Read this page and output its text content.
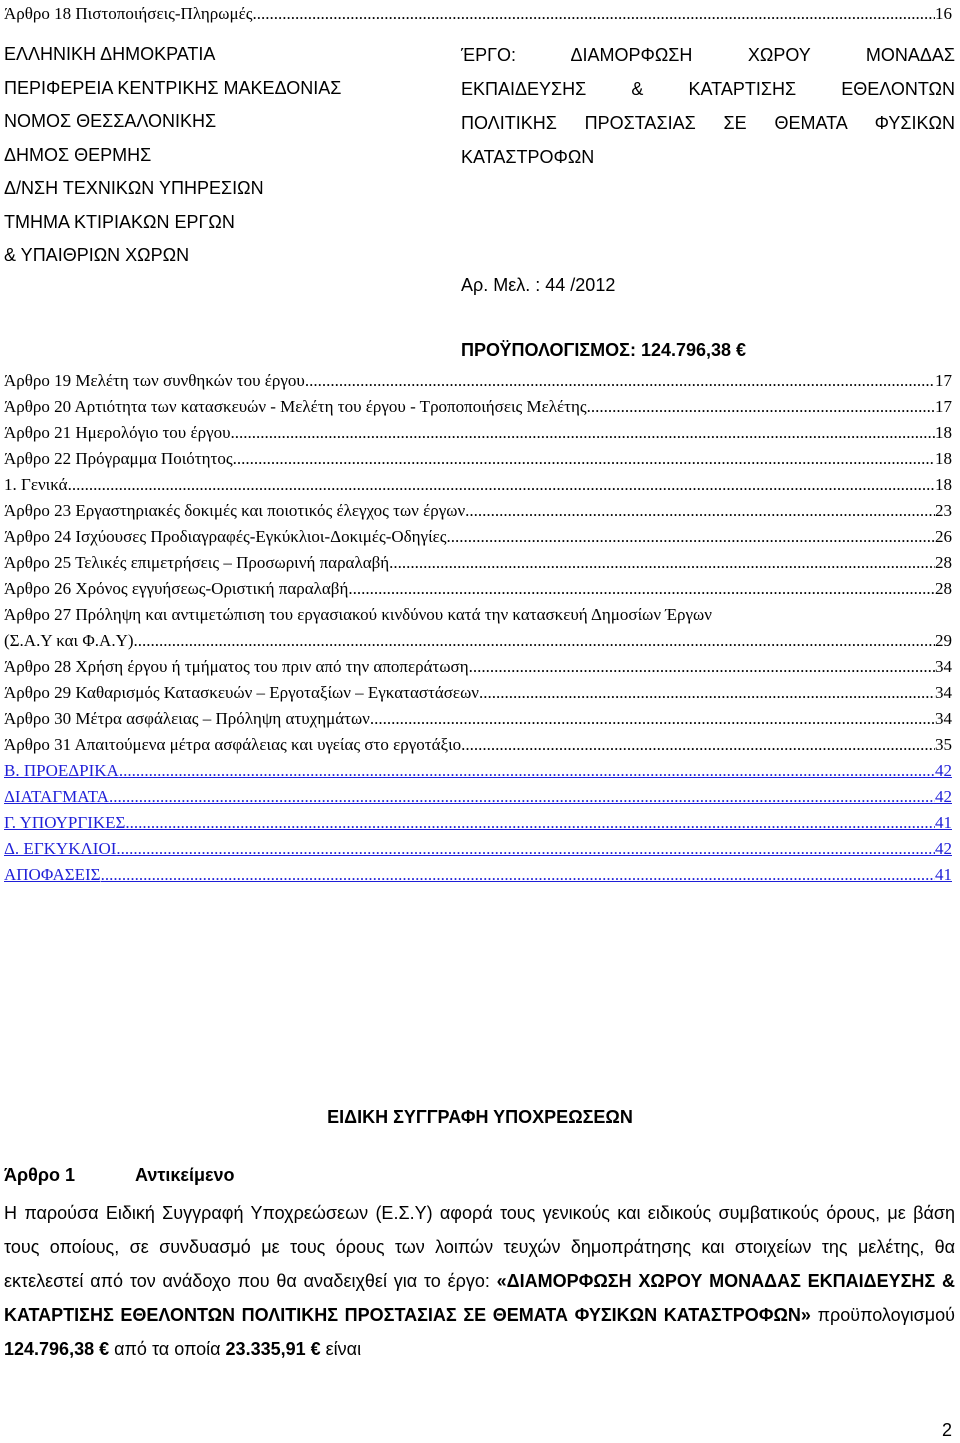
Άρθρο 18 Πιστοποιήσεις-Πληρωμές .....	16
ΕΛΛΗΝΙΚΗ ΔΗΜΟΚΡΑΤΙΑ
ΠΕΡΙΦΕΡΕΙΑ ΚΕΝΤΡΙΚΗΣ ΜΑΚΕΔΟΝΙΑΣ
ΝΟΜΟΣ ΘΕΣΣΑΛΟΝΙΚΗΣ
ΔΗΜΟΣ ΘΕΡΜΗΣ
Δ/ΝΣΗ ΤΕΧΝΙΚΩΝ ΥΠΗΡΕΣΙΩΝ
ΤΜΗΜΑ ΚΤΙΡΙΑΚΩΝ ΕΡΓΩΝ
& ΥΠΑΙΘΡΙΩΝ ΧΩΡΩΝ
ΈΡΓΟ: ΔΙΑΜΟΡΦΩΣΗ ΧΩΡΟΥ ΜΟΝΑΔΑΣ
ΕΚΠΑΙΔΕΥΣΗΣ & ΚΑΤΑΡΤΙΣΗΣ ΕΘΕΛΟΝΤΩΝ
ΠΟΛΙΤΙΚΗΣ ΠΡΟΣΤΑΣΙΑΣ ΣΕ ΘΕΜΑΤΑ ΦΥΣΙΚΩΝ
ΚΑΤΑΣΤΡΟΦΩΝ
Αρ. Μελ. : 44 /2012
ΠΡΟΫΠΟΛΟΓΙΣΜΟΣ: 124.796,38 €
Άρθρο 19 Μελέτη των συνθηκών του έργου .....	17
Άρθρο 20 Αρτιότητα των κατασκευών - Μελέτη του έργου - Τροποποιήσεις Μελέτης .....	17
Άρθρο 21 Ημερολόγιο του έργου .....	18
Άρθρο 22 Πρόγραμμα Ποιότητος .....	18
1. Γενικά .....	18
Άρθρο 23 Εργαστηριακές δοκιμές και ποιοτικός έλεγχος των έργων .....	23
Άρθρο 24 Ισχύουσες Προδιαγραφές-Εγκύκλιοι-Δοκιμές-Οδηγίες .....	26
Άρθρο 25 Τελικές επιμετρήσεις – Προσωρινή παραλαβή .....	28
Άρθρο 26 Χρόνος εγγυήσεως-Οριστική παραλαβή .....	28
Άρθρο 27 Πρόληψη και αντιμετώπιση του εργασιακού κινδύνου κατά την κατασκευή Δημοσίων Έργων
(Σ.Α.Υ και Φ.Α.Υ) .....	29
Άρθρο 28 Χρήση έργου ή τμήματος του πριν από την αποπεράτωση .....	34
Άρθρο 29 Καθαρισμός Κατασκευών – Εργοταξίων – Εγκαταστάσεων .....	34
Άρθρο 30 Μέτρα ασφάλειας – Πρόληψη ατυχημάτων .....	34
Άρθρο 31 Απαιτούμενα μέτρα ασφάλειας και υγείας στο εργοτάξιο .....	35
Β. ΠΡΟΕΔΡΙΚΑ .....	42
ΔΙΑΤΑΓΜΑΤΑ .....	42
Γ. ΥΠΟΥΡΓΙΚΕΣ .....	41
Δ. ΕΓΚΥΚΛΙΟΙ .....	42
ΑΠΟΦΑΣΕΙΣ .....	41
ΕΙΔΙΚΗ ΣΥΓΓΡΑΦΗ ΥΠΟΧΡΕΩΣΕΩΝ
Άρθρο 1	Αντικείμενο
Η παρούσα Ειδική Συγγραφή Υποχρεώσεων (Ε.Σ.Υ) αφορά τους γενικούς και ειδικούς συμβατικούς όρους, με βάση τους οποίους, σε συνδυασμό με τους όρους των λοιπών τευχών δημοπράτησης και στοιχείων της μελέτης, θα εκτελεστεί από τον ανάδοχο που θα αναδειχθεί για το έργο: «ΔΙΑΜΟΡΦΩΣΗ ΧΩΡΟΥ ΜΟΝΑΔΑΣ ΕΚΠΑΙΔΕΥΣΗΣ & ΚΑΤΑΡΤΙΣΗΣ ΕΘΕΛΟΝΤΩΝ ΠΟΛΙΤΙΚΗΣ ΠΡΟΣΤΑΣΙΑΣ ΣΕ ΘΕΜΑΤΑ ΦΥΣΙΚΩΝ ΚΑΤΑΣΤΡΟΦΩΝ» προϋπολογισμού 124.796,38 € από τα οποία 23.335,91 € είναι
2
